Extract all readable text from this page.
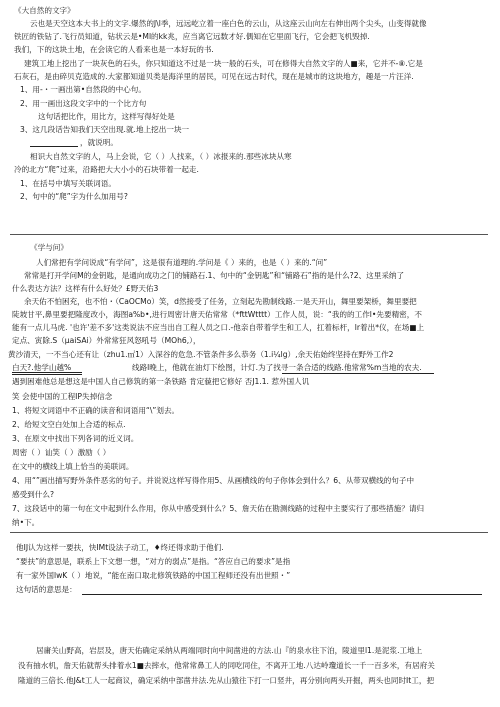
《大自然的文字》
云也是天空这本大书上的文字.爆然的J\l季，远远屹立着一座白色的云山，从这座云山向左右伸出两个尖头，山变得就像
铁匠的铁钻了.飞行员知道，钻状云是•Ml的kk兆，应当离它远数才好.偶知在它里面飞行，它会把飞机毁掉.
我们，下的这块土地，在会读它的人看来也是一本好玩的书.
建筑工地上挖出了一块灰色的石头，你只知道这不过是一块一般的石头，可在修得大自然文字的人■来，它并不-⑧.它是
石灰石，是由碎贝克造成的.大家都知道贝类是海洋里的居民，可见在远古时代，现在是城市的这块地方，趣是一片汪洋.
1、用-・一画出第•自然段的中心句。
2、用一画出这段文字中的一个比方句
这句话把比作，用比方，这样写得好处是
3、这几段话告知我们天空出现.就.地上挖出一块一
，就说明。
相识大自然文字的人，马上会说，它（ ）人找来，（ ）冰报来的.那些冰块从寒
冷的北方“爬”过来，沿路把大大小小的石块带着一起走.
1、在括号中填写关联词语。
2、句中的“爬”字为什么加用号?
《学与问》
人们常把有学问说成“有学问”，这是很有道理的.学问是《 ）来的，也是（ ）来的.“问”
常常是打开学问M的金钥匙，是通向成功之门的铺路石.1、句中的“金钥匙”和“铺路石”指的是什么?2、这里采纳了
什么表达方法？这样有什么好处？£野天佑3
余天佑不怕困充，也不怕・（CaOCMo）笑，d然接受了任务，立刻起先勘制线路.一是天开山，舞里要架桥，舞里要把
陡坡甘平,鼻里要把隆度改小，海图a%b•,进行周密计唐天佑常常（*fttWtttt）工作人员，说：“我的的工作l•先要精密，不
能有一点儿马虎. '也许'差不多'这类说法不应当出自工程人员之口.-他亲自带着学生和工人，扛着标杆，lr着出*仪，在场■上
定点、寅除.S（µaiSAi）外常常狂风怒吼号（MOh6,），
黄沙清天，一不当心还有让（zhu1.㎡1）入深谷的危急.不管条件多么恭务（1.i¼lg）,余天佑始终坚持在野外工作2
白天?.他学山越%	线路l晚上，他就在油灯下绘图，计灯.为了找寻一条合适的线路.他常常%m当地的农夫.
遇到困难他总是想这是中国人自己修筑的第一条铁路 肯定藐把它修好 否J1.1. 惹外国人讥
笑 会使中国的工程IP失掉信念
1、将短文词语中不正确的读音和词语用“\”划去。
2、给短文空白处加上合适的标点.
3、在原文中找出下列各词的近义词。
周密（ ）讪笑（ ）激励（ ）
在文中的横线上填上恰当的美联词。
4、用“”画出描写野外条件恶劣的句子。并说说这样写得作用5、从画横线的句子你体会到什么？6、从带双横线的句子中
感受到什么?
7、这段话中的第一句在文中起到什么作用，你从中感受到什么？5、詹天佑在勘测线路的过程中主要实行了那些措施？请归
纳•下。
他IJ认为这样一要扶，快IMt设法子动工，♦终还得求助于他们.
“要扶”的意思是，联系上下文想一想，“对方的弱点”是指。“答应自己的要求”是指
有一家外国lwK（ ）地说，“能在南口取北修筑铁路的中国工程师还没有出世照・”
这句话的意思是：
居庸关山野高，岩层及，唐天佑确定采纳从两端同时向中间凿进的方法.山『的泉水往下泊，陵道里l1.是泥浆.工地上
没有抽水机，詹天佑就帮头排着水1■去摔水，他常常鼻工人的同吃同住，不离开工地.八达岭瓊道长一千一百多米，有居府关
隆道的三倍长.他J&t工人一起商议，确定采纳中部凿井法.先从山猿往下打一口竖井，再分别向两头开掘，两头也同时It工，把
